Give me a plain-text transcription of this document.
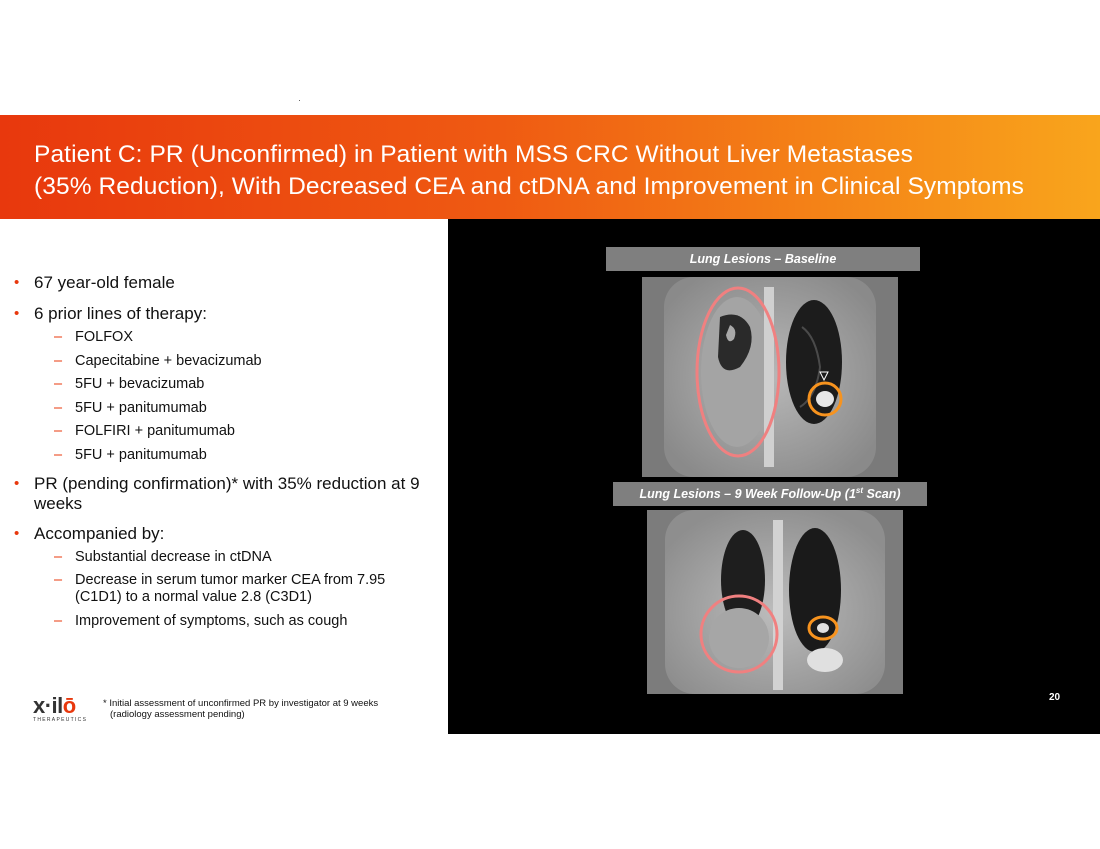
Patient C: PR (Unconfirmed) in Patient with MSS CRC Without Liver Metastases
(35% Reduction), With Decreased CEA and ctDNA and Improvement in Clinical Symptoms
• 67 year-old female
• 6 prior lines of therapy:
– FOLFOX
– Capecitabine + bevacizumab
– 5FU + bevacizumab
– 5FU + panitumumab
– FOLFIRI + panitumumab
– 5FU + panitumumab
• PR (pending confirmation)* with 35% reduction at 9 weeks
• Accompanied by:
– Substantial decrease in ctDNA
– Decrease in serum tumor marker CEA from 7.95 (C1D1) to a normal value 2.8 (C3D1)
– Improvement of symptoms, such as cough
x·ilō
THERAPEUTICS
* Initial assessment of unconfirmed PR by investigator at 9 weeks
(radiology assessment pending)
Lung Lesions – Baseline
Lung Lesions – 9 Week Follow-Up (1st Scan)
20
